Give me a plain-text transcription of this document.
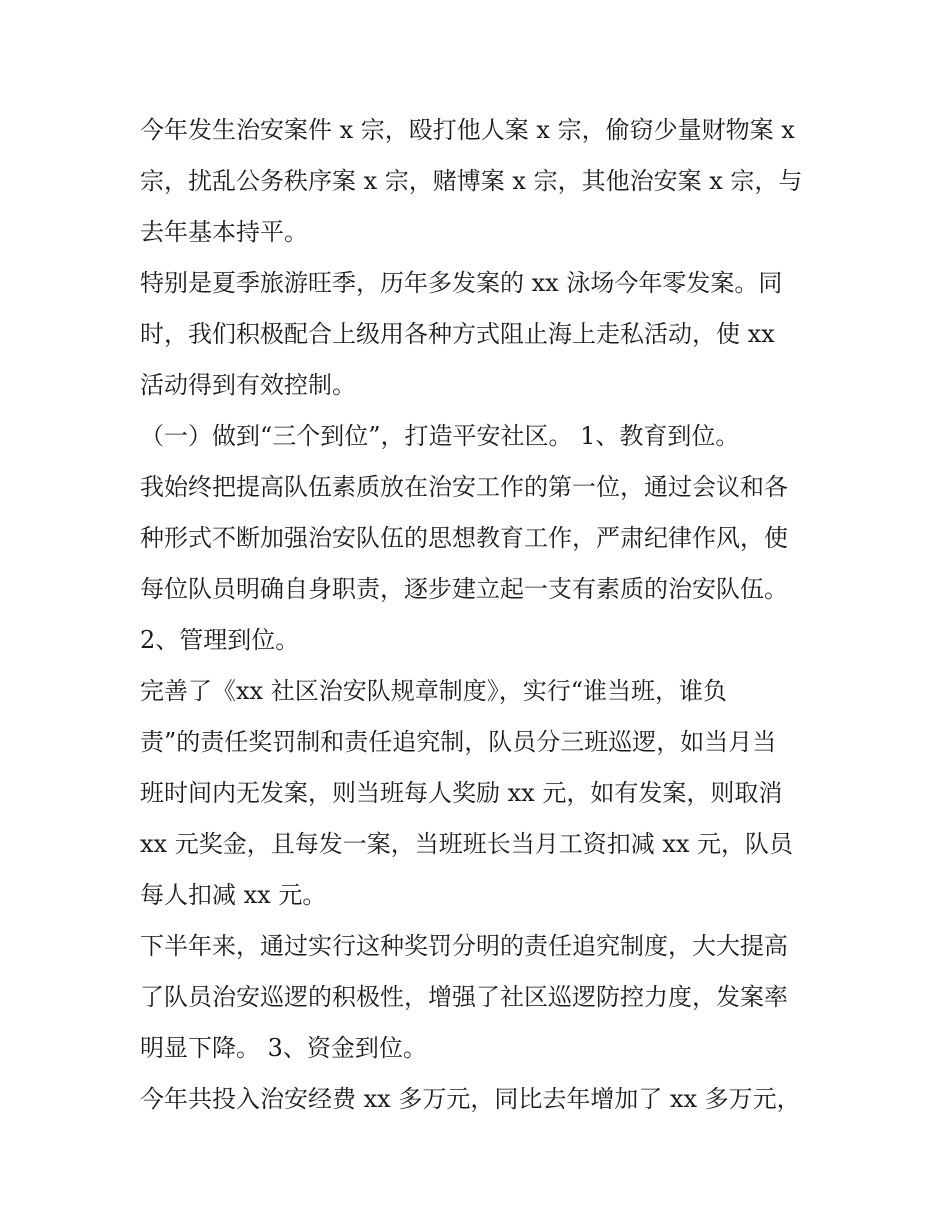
今年发生治安案件 x 宗，殴打他人案 x 宗，偷窃少量财物案 x
宗，扰乱公务秩序案 x 宗，赌博案 x 宗，其他治安案 x 宗，与
去年基本持平。
特别是夏季旅游旺季，历年多发案的 xx 泳场今年零发案。同
时，我们积极配合上级用各种方式阻止海上走私活动，使 xx
活动得到有效控制。
（一）做到“三个到位”，打造平安社区。 1、教育到位。
我始终把提高队伍素质放在治安工作的第一位，通过会议和各
种形式不断加强治安队伍的思想教育工作，严肃纪律作风，使
每位队员明确自身职责，逐步建立起一支有素质的治安队伍。
2、管理到位。
完善了《xx 社区治安队规章制度》，实行“谁当班，谁负
责”的责任奖罚制和责任追究制，队员分三班巡逻，如当月当
班时间内无发案，则当班每人奖励 xx 元，如有发案，则取消
xx 元奖金，且每发一案，当班班长当月工资扣减 xx 元，队员
每人扣减 xx 元。
下半年来，通过实行这种奖罚分明的责任追究制度，大大提高
了队员治安巡逻的积极性，增强了社区巡逻防控力度，发案率
明显下降。 3、资金到位。
今年共投入治安经费 xx 多万元，同比去年增加了 xx 多万元，
